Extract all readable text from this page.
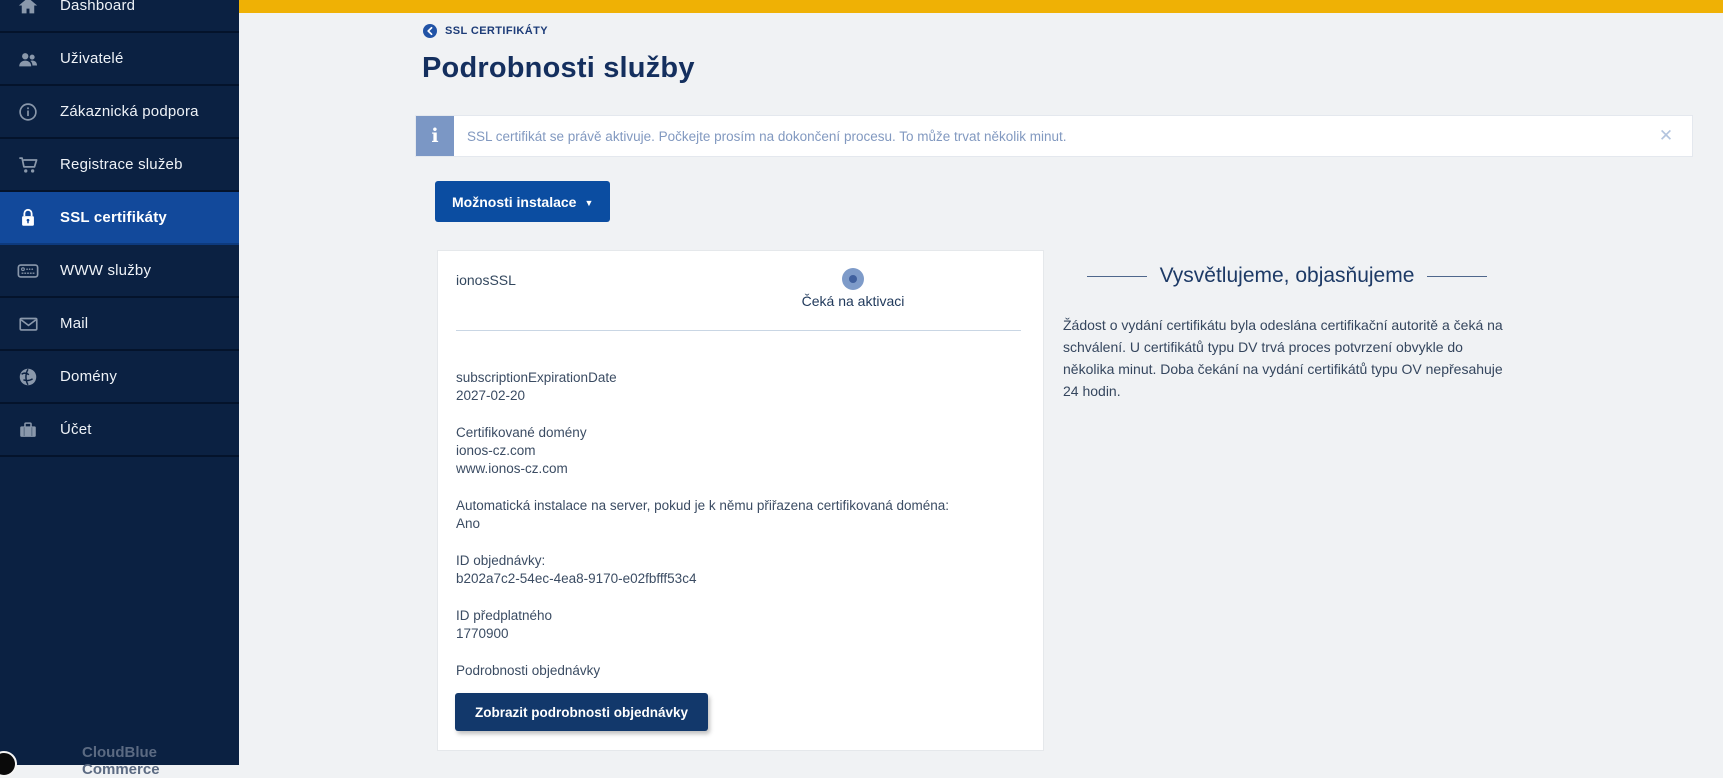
Dashboard
Uživatelé
Zákaznická podpora
Registrace služeb
SSL certifikáty
WWW služby
Mail
Domény
Účet
CloudBlue
Commerce
SSL CERTIFIKÁTY
Podrobnosti služby
i	SSL certifikát se právě aktivuje. Počkejte prosím na dokončení procesu. To může trvat několik minut.	✕
Možnosti instalace ▼
ionosSSL
Čeká na aktivaci
subscriptionExpirationDate
2027-02-20
Certifikované domény
ionos-cz.com
www.ionos-cz.com
Automatická instalace na server, pokud je k němu přiřazena certifikovaná doména:
Ano
ID objednávky:
b202a7c2-54ec-4ea8-9170-e02fbfff53c4
ID předplatného
1770900
Podrobnosti objednávky
Zobrazit podrobnosti objednávky
Vysvětlujeme, objasňujeme

Žádost o vydání certifikátu byla odeslána certifikační autoritě a čeká na schválení. U certifikátů typu DV trvá proces potvrzení obvykle do několika minut. Doba čekání na vydání certifikátů typu OV nepřesahuje 24 hodin.
